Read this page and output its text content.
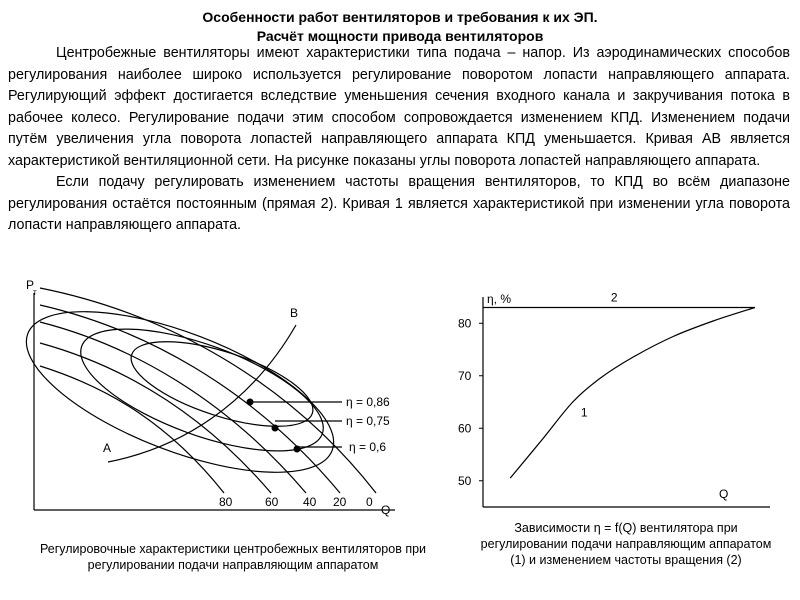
Особенности работ вентиляторов и требования к их ЭП.
Расчёт мощности привода вентиляторов

Центробежные вентиляторы имеют характеристики типа подача – напор. Из аэродинамических способов регулирования наиболее широко используется регулирование поворотом лопасти направляющего аппарата. Регулирующий эффект достигается вследствие уменьшения сечения входного канала и закручивания потока в рабочее колесо. Регулирование подачи этим способом сопровождается изменением КПД. Изменением подачи путём увеличения угла поворота лопастей направляющего аппарата КПД уменьшается. Кривая АВ является характеристикой вентиляционной сети. На рисунке показаны углы поворота лопастей направляющего аппарата.

Если подачу регулировать изменением частоты вращения вентиляторов, то КПД во всём диапазоне регулирования остаётся постоянным (прямая 2). Кривая 1 является характеристикой при изменении угла поворота лопасти направляющего аппарата.

P
т
Q
А
В
80	60 40 20 0
η = 0,86
η = 0,75
η = 0,6
Регулировочные характеристики центробежных вентиляторов при регулировании подачи направляющим аппаратом
η, %
Q
50
60
70
80
1
2
Зависимости η = f(Q) вентилятора при регулировании подачи направляющим аппаратом (1) и изменением частоты вращения (2)
